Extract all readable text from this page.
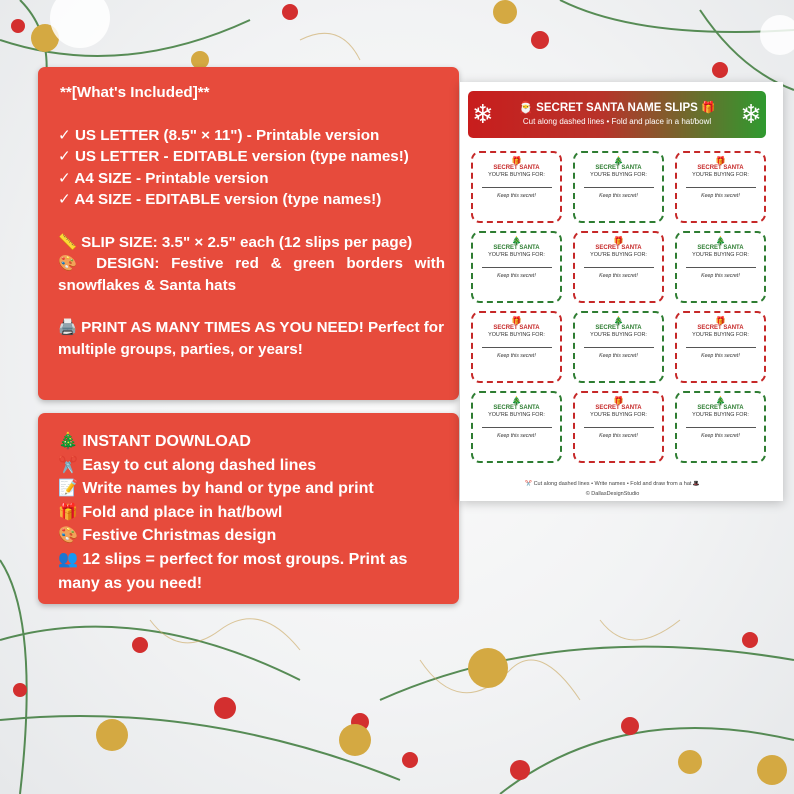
**[What's Included]**

✓ US LETTER (8.5" × 11") - Printable version

✓ US LETTER - EDITABLE version (type names!)

✓ A4 SIZE - Printable version

✓ A4 SIZE - EDITABLE version (type names!)

📏 SLIP SIZE: 3.5" × 2.5" each (12 slips per page)

🎨 DESIGN: Festive red & green borders with snowflakes & Santa hats

🖨️ PRINT AS MANY TIMES AS YOU NEED! Perfect for multiple groups, parties, or years!

🎄 INSTANT DOWNLOAD

✂️ Easy to cut along dashed lines

📝 Write names by hand or type and print

🎁 Fold and place in hat/bowl

🎨 Festive Christmas design

👥 12 slips = perfect for most groups. Print as many as you need!

❄	❄
🎅 SECRET SANTA NAME SLIPS 🎁
Cut along dashed lines • Fold and place in a hat/bowl
🎁
SECRET SANTA
YOU'RE BUYING FOR:
Keep this secret!
🎄
SECRET SANTA
YOU'RE BUYING FOR:
Keep this secret!
🎁
SECRET SANTA
YOU'RE BUYING FOR:
Keep this secret!
🎄
SECRET SANTA
YOU'RE BUYING FOR:
Keep this secret!
🎁
SECRET SANTA
YOU'RE BUYING FOR:
Keep this secret!
🎄
SECRET SANTA
YOU'RE BUYING FOR:
Keep this secret!
🎁
SECRET SANTA
YOU'RE BUYING FOR:
Keep this secret!
🎄
SECRET SANTA
YOU'RE BUYING FOR:
Keep this secret!
🎁
SECRET SANTA
YOU'RE BUYING FOR:
Keep this secret!
🎄
SECRET SANTA
YOU'RE BUYING FOR:
Keep this secret!
🎁
SECRET SANTA
YOU'RE BUYING FOR:
Keep this secret!
🎄
SECRET SANTA
YOU'RE BUYING FOR:
Keep this secret!
✂️ Cut along dashed lines • Write names • Fold and draw from a hat 🎩
© DallasDesignStudio
